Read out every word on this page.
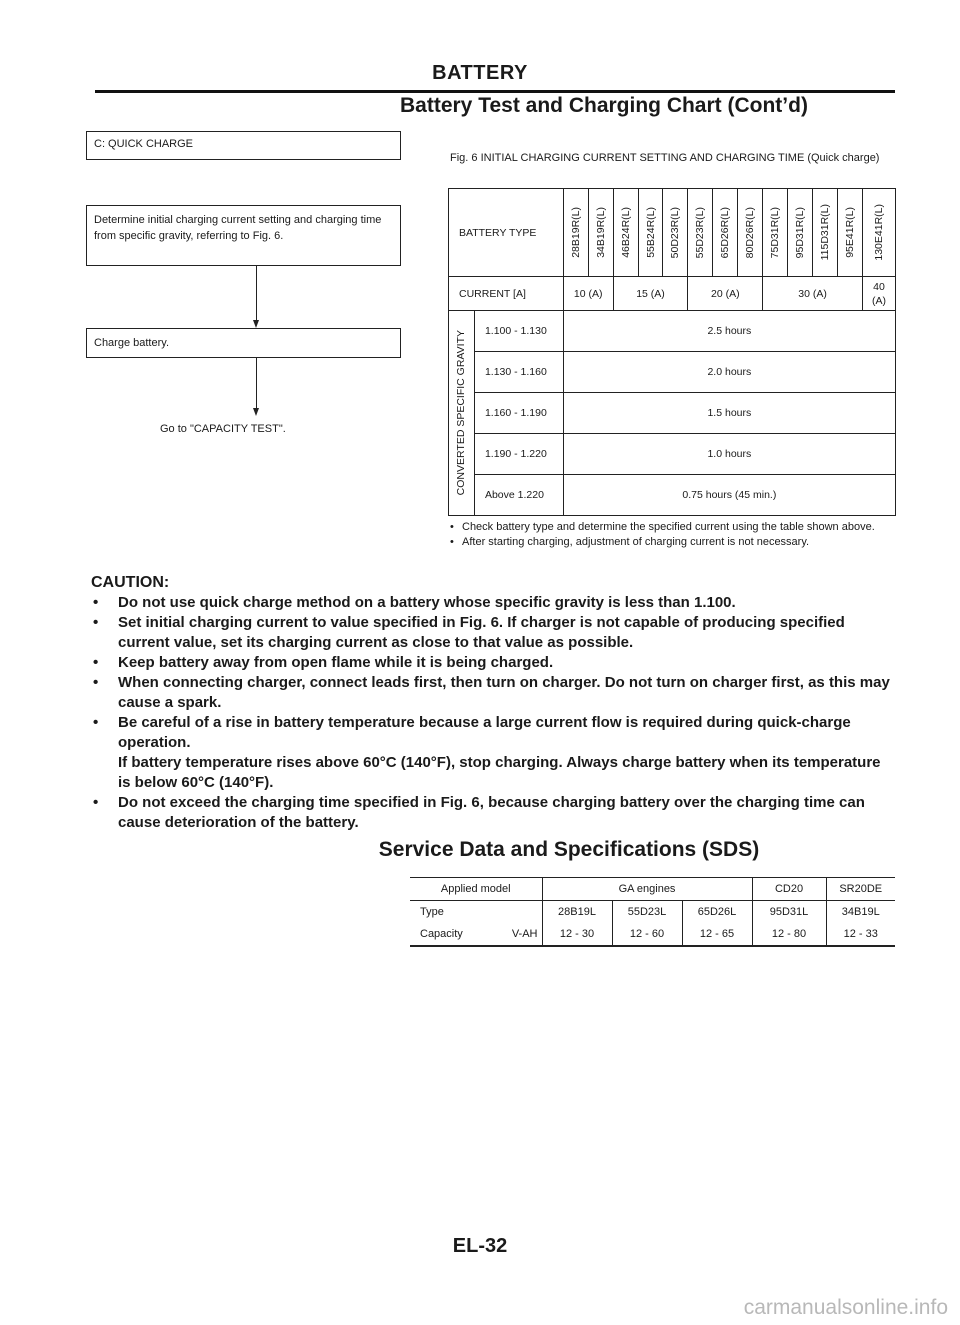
BATTERY
Battery Test and Charging Chart (Cont’d)
C: QUICK CHARGE
Determine initial charging current setting and charging time from specific gravity, referring to Fig. 6.
Charge battery.
Go to "CAPACITY TEST".
Fig. 6 INITIAL CHARGING CURRENT SETTING AND CHARGING TIME (Quick charge)
BATTERY TYPE		28B19R(L)	34B19R(L)	46B24R(L)	55B24R(L)	50D23R(L)	55D23R(L)	65D26R(L)	80D26R(L)	75D31R(L)	95D31R(L)	115D31R(L)	95E41R(L)	130E41R(L)

CURRENT [A]		10 (A)		15 (A)			20 (A)			30 (A)				40 (A)

CONVERTED SPECIFIC GRAVITY	1.100 - 1.130	2.5 hours												
	1.130 - 1.160	2.0 hours												
	1.160 - 1.190	1.5 hours												
	1.190 - 1.220	1.0 hours												
	Above 1.220	0.75 hours (45 min.)												
• Check battery type and determine the specified current using the table shown above.
• After starting charging, adjustment of charging current is not necessary.
CAUTION:
• Do not use quick charge method on a battery whose specific gravity is less than 1.100.
• Set initial charging current to value specified in Fig. 6. If charger is not capable of producing specified current value, set its charging current as close to that value as possible.
• Keep battery away from open flame while it is being charged.
• When connecting charger, connect leads first, then turn on charger. Do not turn on charger first, as this may cause a spark.
• Be careful of a rise in battery temperature because a large current flow is required during quick-charge operation.
If battery temperature rises above 60°C (140°F), stop charging. Always charge battery when its temperature is below 60°C (140°F).
• Do not exceed the charging time specified in Fig. 6, because charging battery over the charging time can cause deterioration of the battery.
Service Data and Specifications (SDS)
Applied model	GA engines			CD20	SR20DE
Type	28B19L	55D23L	65D26L	95D31L	34B19L
Capacity V-AH	12 - 30	12 - 60	12 - 65	12 - 80	12 - 33
EL-32
carmanualsonline.info
